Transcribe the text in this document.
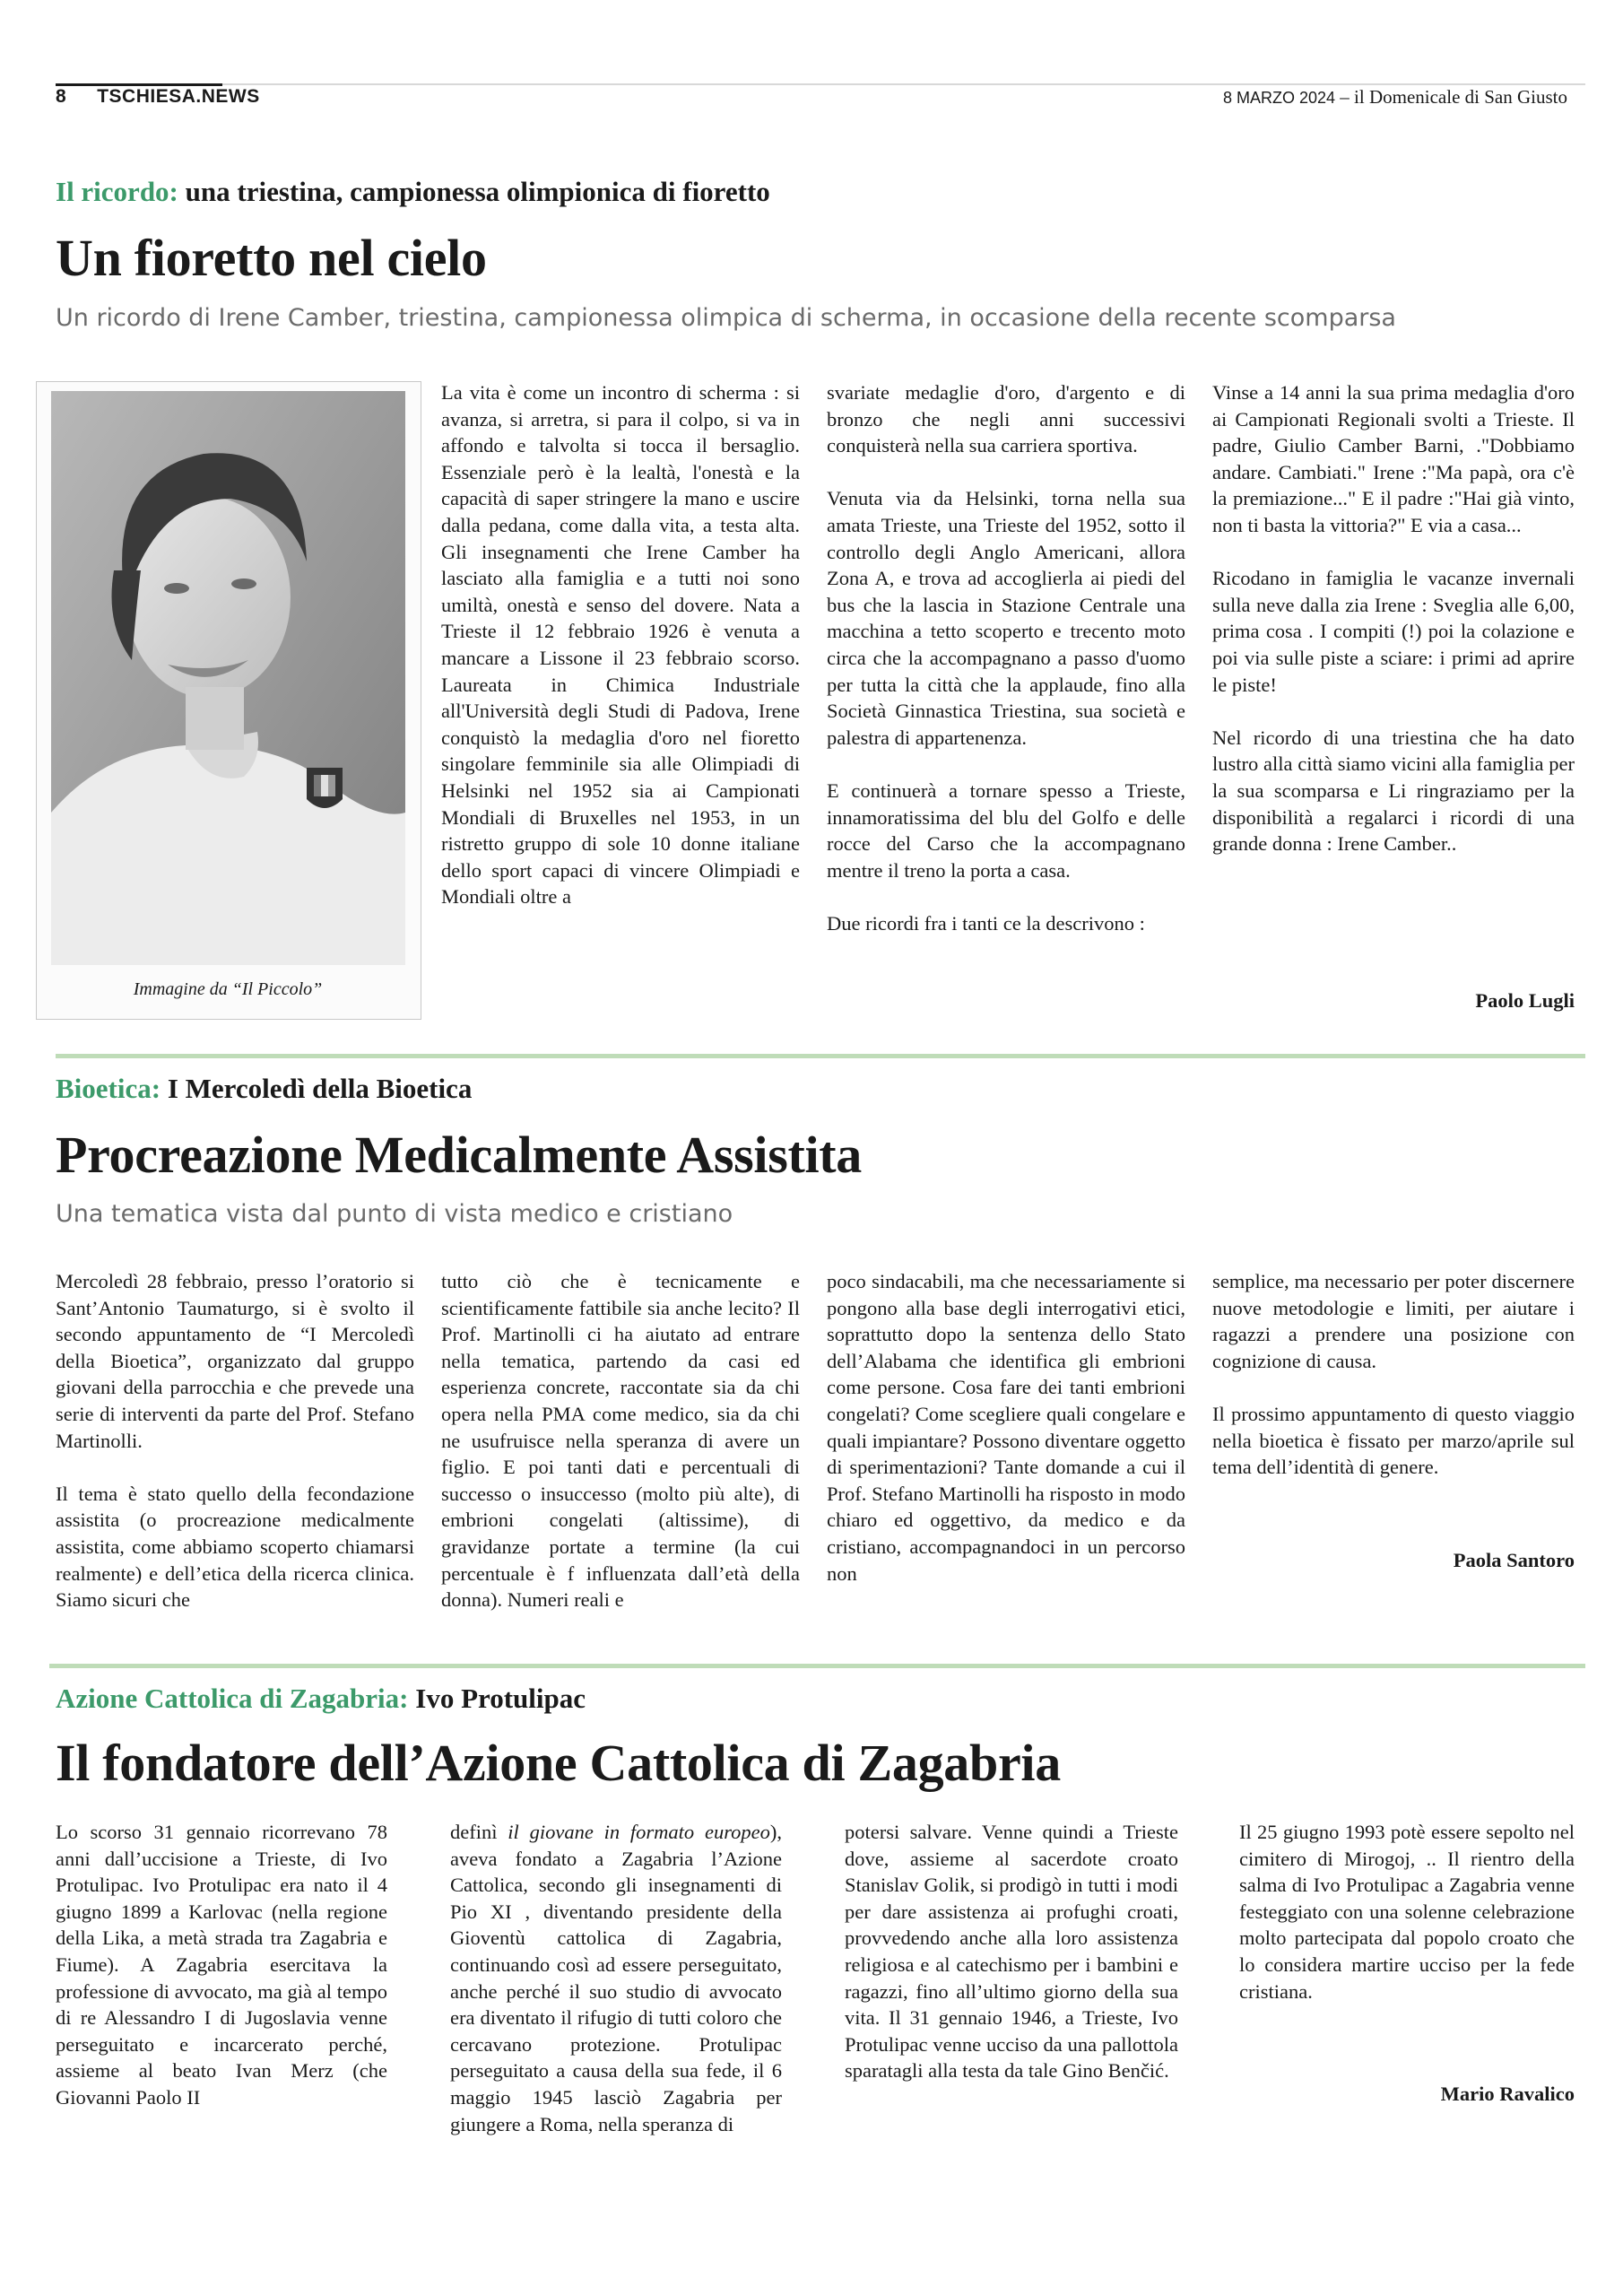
8 TSCHIESA.NEWS	8 MARZO 2024 – il Domenicale di San Giusto
Il ricordo: una triestina, campionessa olimpionica di fioretto
Un fioretto nel cielo
Un ricordo di Irene Camber, triestina, campionessa olimpica di scherma, in occasione della recente scomparsa
Immagine da “Il Piccolo”

La vita è come un incontro di scherma : si avanza, si arretra, si para il colpo, si va in affondo e talvolta si tocca il bersaglio. Essenziale però è la lealtà, l'onestà e la capacità di saper stringere la mano e uscire dalla pedana, come dalla vita, a testa alta. Gli insegnamenti che Irene Camber ha lasciato alla famiglia e a tutti noi sono umiltà, onestà e senso del dovere. Nata a Trieste il 12 febbraio 1926 è venuta a mancare a Lissone il 23 febbraio scorso. Laureata in Chimica Industriale all'Università degli Studi di Padova, Irene conquistò la medaglia d'oro nel fioretto singolare femminile sia alle Olimpiadi di Helsinki nel 1952 sia ai Campionati Mondiali di Bruxelles nel 1953, in un ristretto gruppo di sole 10 donne italiane dello sport capaci di vincere Olimpiadi e Mondiali oltre a

svariate medaglie d'oro, d'argento e di bronzo che negli anni successivi conquisterà nella sua carriera sportiva.

Venuta via da Helsinki, torna nella sua amata Trieste, una Trieste del 1952, sotto il controllo degli Anglo Americani, allora Zona A, e trova ad accoglierla ai piedi del bus che la lascia in Stazione Centrale una macchina a tetto scoperto e trecento moto circa che la accompagnano a passo d'uomo per tutta la città che la applaude, fino alla Società Ginnastica Triestina, sua società e palestra di appartenenza.

E continuerà a tornare spesso a Trieste, innamoratissima del blu del Golfo e delle rocce del Carso che la accompagnano mentre il treno la porta a casa.

Due ricordi fra i tanti ce la descrivono :

Vinse a 14 anni la sua prima medaglia d'oro ai Campionati Regionali svolti a Trieste. Il padre, Giulio Camber Barni, ."Dobbiamo andare. Cambiati." Irene :"Ma papà, ora c'è la premiazione..." E il padre :"Hai già vinto, non ti basta la vittoria?" E via a casa...

Ricodano in famiglia le vacanze invernali sulla neve dalla zia Irene : Sveglia alle 6,00, prima cosa . I compiti (!) poi la colazione e poi via sulle piste a sciare: i primi ad aprire le piste!

Nel ricordo di una triestina che ha dato lustro alla città siamo vicini alla famiglia per la sua scomparsa e Li ringraziamo per la disponibilità a regalarci i ricordi di una grande donna : Irene Camber..

Paolo Lugli
Bioetica: I Mercoledì della Bioetica
Procreazione Medicalmente Assistita
Una tematica vista dal punto di vista medico e cristiano

Mercoledì 28 febbraio, presso l’oratorio si Sant’Antonio Taumaturgo, si è svolto il secondo appuntamento de “I Mercoledì della Bioetica”, organizzato dal gruppo giovani della parrocchia e che prevede una serie di interventi da parte del Prof. Stefano Martinolli.

Il tema è stato quello della fecondazione assistita (o procreazione medicalmente assistita, come abbiamo scoperto chiamarsi realmente) e dell’etica della ricerca clinica. Siamo sicuri che

tutto ciò che è tecnicamente e scientificamente fattibile sia anche lecito? Il Prof. Martinolli ci ha aiutato ad entrare nella tematica, partendo da casi ed esperienza concrete, raccontate sia da chi opera nella PMA come medico, sia da chi ne usufruisce nella speranza di avere un figlio. E poi tanti dati e percentuali di successo o insuccesso (molto più alte), di embrioni congelati (altissime), di gravidanze portate a termine (la cui percentuale è f influenzata dall’età della donna). Numeri reali e

poco sindacabili, ma che necessariamente si pongono alla base degli interrogativi etici, soprattutto dopo la sentenza dello Stato dell’Alabama che identifica gli embrioni come persone. Cosa fare dei tanti embrioni congelati? Come scegliere quali congelare e quali impiantare? Possono diventare oggetto di sperimentazioni? Tante domande a cui il Prof. Stefano Martinolli ha risposto in modo chiaro ed oggettivo, da medico e da cristiano, accompagnandoci in un percorso non

semplice, ma necessario per poter discernere nuove metodologie e limiti, per aiutare i ragazzi a prendere una posizione con cognizione di causa.

Il prossimo appuntamento di questo viaggio nella bioetica è fissato per marzo/aprile sul tema dell’identità di genere.

Paola Santoro
Azione Cattolica di Zagabria: Ivo Protulipac
Il fondatore dell’Azione Cattolica di Zagabria

Lo scorso 31 gennaio ricorrevano 78 anni dall’uccisione a Trieste, di Ivo Protulipac. Ivo Protulipac era nato il 4 giugno 1899 a Karlovac (nella regione della Lika, a metà strada tra Zagabria e Fiume). A Zagabria esercitava la professione di avvocato, ma già al tempo di re Alessandro I di Jugoslavia venne perseguitato e incarcerato perché, assieme al beato Ivan Merz (che Giovanni Paolo II

definì il giovane in formato europeo), aveva fondato a Zagabria l’Azione Cattolica, secondo gli insegnamenti di Pio XI , diventando presidente della Gioventù cattolica di Zagabria, continuando così ad essere perseguitato, anche perché il suo studio di avvocato era diventato il rifugio di tutti coloro che cercavano protezione. Protulipac perseguitato a causa della sua fede, il 6 maggio 1945 lasciò Zagabria per giungere a Roma, nella speranza di

potersi salvare. Venne quindi a Trieste dove, assieme al sacerdote croato Stanislav Golik, si prodigò in tutti i modi per dare assistenza ai profughi croati, provvedendo anche alla loro assistenza religiosa e al catechismo per i bambini e ragazzi, fino all’ultimo giorno della sua vita. Il 31 gennaio 1946, a Trieste, Ivo Protulipac venne ucciso da una pallottola sparatagli alla testa da tale Gino Benčić.

Il 25 giugno 1993 potè essere sepolto nel cimitero di Mirogoj, .. Il rientro della salma di Ivo Protulipac a Zagabria venne festeggiato con una solenne celebrazione molto partecipata dal popolo croato che lo considera martire ucciso per la fede cristiana.

Mario Ravalico
